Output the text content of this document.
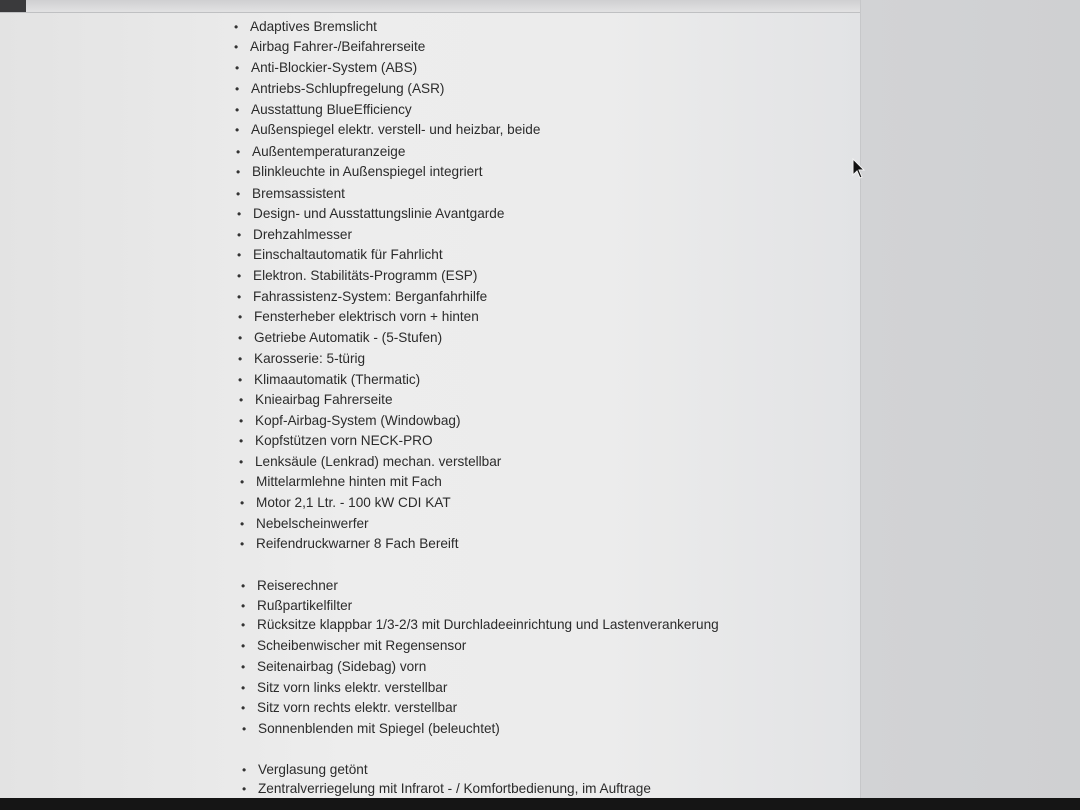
• Adaptives Bremslicht
• Airbag Fahrer-/Beifahrerseite
• Anti-Blockier-System (ABS)
• Antriebs-Schlupfregelung (ASR)
• Ausstattung BlueEfficiency
• Außenspiegel elektr. verstell- und heizbar, beide
• Außentemperaturanzeige
• Blinkleuchte in Außenspiegel integriert
• Bremsassistent
• Design- und Ausstattungslinie Avantgarde
• Drehzahlmesser
• Einschaltautomatik für Fahrlicht
• Elektron. Stabilitäts-Programm (ESP)
• Fahrassistenz-System: Berganfahrhilfe
• Fensterheber elektrisch vorn + hinten
• Getriebe Automatik - (5-Stufen)
• Karosserie: 5-türig
• Klimaautomatik (Thermatic)
• Knieairbag Fahrerseite
• Kopf-Airbag-System (Windowbag)
• Kopfstützen vorn NECK-PRO
• Lenksäule (Lenkrad) mechan. verstellbar
• Mittelarmlehne hinten mit Fach
• Motor 2,1 Ltr. - 100 kW CDI KAT
• Nebelscheinwerfer
• Reifendruckwarner 8 Fach Bereift
• Reiserechner
• Rußpartikelfilter
• Rücksitze klappbar 1/3-2/3 mit Durchladeeinrichtung und Lastenverankerung
• Scheibenwischer mit Regensensor
• Seitenairbag (Sidebag) vorn
• Sitz vorn links elektr. verstellbar
• Sitz vorn rechts elektr. verstellbar
• Sonnenblenden mit Spiegel (beleuchtet)
• Verglasung getönt
• Zentralverriegelung mit Infrarot - / Komfortbedienung, im Auftrage
